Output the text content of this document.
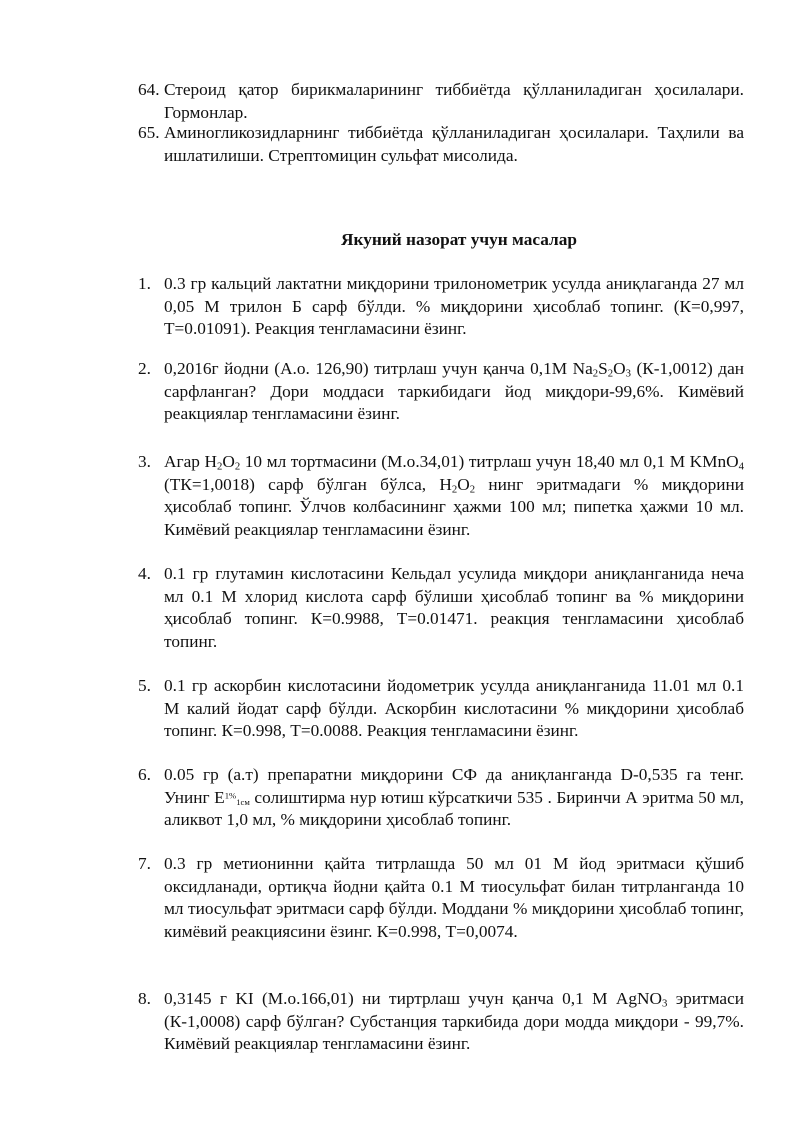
64. Стероид қатор бирикмаларининг тиббиётда қўлланиладиган ҳосилалари. Гормонлар.
65. Аминогликозидларнинг тиббиётда қўлланиладиган ҳосилалари. Таҳлили ва ишлатилиши. Стрептомицин сульфат мисолида.
Якуний назорат учун масалар
1. 0.3 гр кальций лактатни миқдорини трилонометрик усулда аниқлаганда 27 мл 0,05 М трилон Б сарф бўлди. % миқдорини ҳисоблаб топинг. (К=0,997, Т=0.01091). Реакция тенгламасини ёзинг.
2. 0,2016г йодни (А.о. 126,90) титрлаш учун қанча 0,1М $Na_2S_2O_3$ (К-1,0012) дан сарфланган? Дори моддаси таркибидаги йод миқдори-99,6%. Кимёвий реакциялар тенгламасини ёзинг.
3. Агар $H_2O_2$ 10 мл тортмасини (М.о.34,01) титрлаш учун 18,40 мл 0,1 М KMnO$_4$ (ТК=1,0018) сарф бўлган бўлса, $H_2O_2$ нинг эритмадаги % миқдорини ҳисоблаб топинг. Ўлчов колбасининг ҳажми 100 мл; пипетка ҳажми 10 мл. Кимёвий реакциялар тенгламасини ёзинг.
4. 0.1 гр глутамин кислотасини Кельдал усулида миқдори аниқланганида неча мл 0.1 М хлорид кислота сарф бўлиши ҳисоблаб топинг ва % миқдорини ҳисоблаб топинг. К=0.9988, Т=0.01471. реакция тенгламасини ҳисоблаб топинг.
5. 0.1 гр аскорбин кислотасини йодометрик усулда аниқланганида 11.01 мл 0.1 М калий йодат сарф бўлди. Аскорбин кислотасини % миқдорини ҳисоблаб топинг. К=0.998, Т=0.0088. Реакция тенгламасини ёзинг.
6. 0.05 гр (а.т) препаратни миқдорини СФ да аниқланганда D-0,535 га тенг. Унинг $E^{1\%}_{1см}$ солиштирма нур ютиш кўрсаткичи 535 . Биринчи А эритма 50 мл, аликвот 1,0 мл, % миқдорини ҳисоблаб топинг.
7. 0.3 гр метионинни қайта титрлашда 50 мл 01 М йод эритмаси қўшиб оксидланади, ортиқча йодни қайта 0.1 М тиосульфат билан титрланганда 10 мл тиосульфат эритмаси сарф бўлди. Моддани % миқдорини ҳисоблаб топинг, кимёвий реакциясини ёзинг. К=0.998, Т=0,0074.
8. 0,3145 г KI (М.о.166,01) ни тиртрлаш учун қанча 0,1 М AgNO$_3$ эритмаси (К-1,0008) сарф бўлган? Субстанция таркибида дори модда миқдори - 99,7%. Кимёвий реакциялар тенгламасини ёзинг.
